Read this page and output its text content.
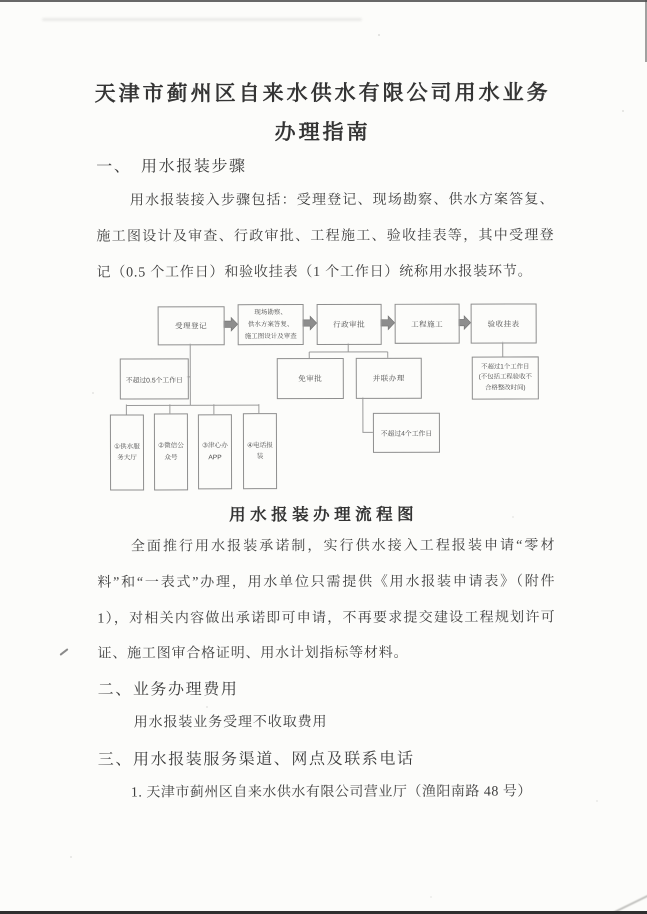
天津市蓟州区自来水供水有限公司用水业务
办理指南
一、　用水报装步骤
用水报装接入步骤包括：受理登记、现场勘察、供水方案答复、施工图设计及审查、行政审批、工程施工、验收挂表等，其中受理登记（0.5 个工作日）和验收挂表（1 个工作日）统称用水报装环节。
受理登记
现场勘察、
供水方案答复、
施工图设计及审查
行政审批	工程施工	验收挂表
不超过0.5个工作日	免审批	并联办理
不超过4个工作日
不超过1个工作日
(不包括工程验收不
合格整改时间)
①供水服
务大厅
②微信公
众号
③津心办
APP
④电话报
装
用水报装办理流程图
全面推行用水报装承诺制，实行供水接入工程报装申请“零材料”和“一表式”办理，用水单位只需提供《用水报装申请表》（附件1），对相关内容做出承诺即可申请，不再要求提交建设工程规划许可证、施工图审合格证明、用水计划指标等材料。
二、业务办理费用
用水报装业务受理不收取费用
三、用水报装服务渠道、网点及联系电话
1. 天津市蓟州区自来水供水有限公司营业厅（渔阳南路 48 号）
